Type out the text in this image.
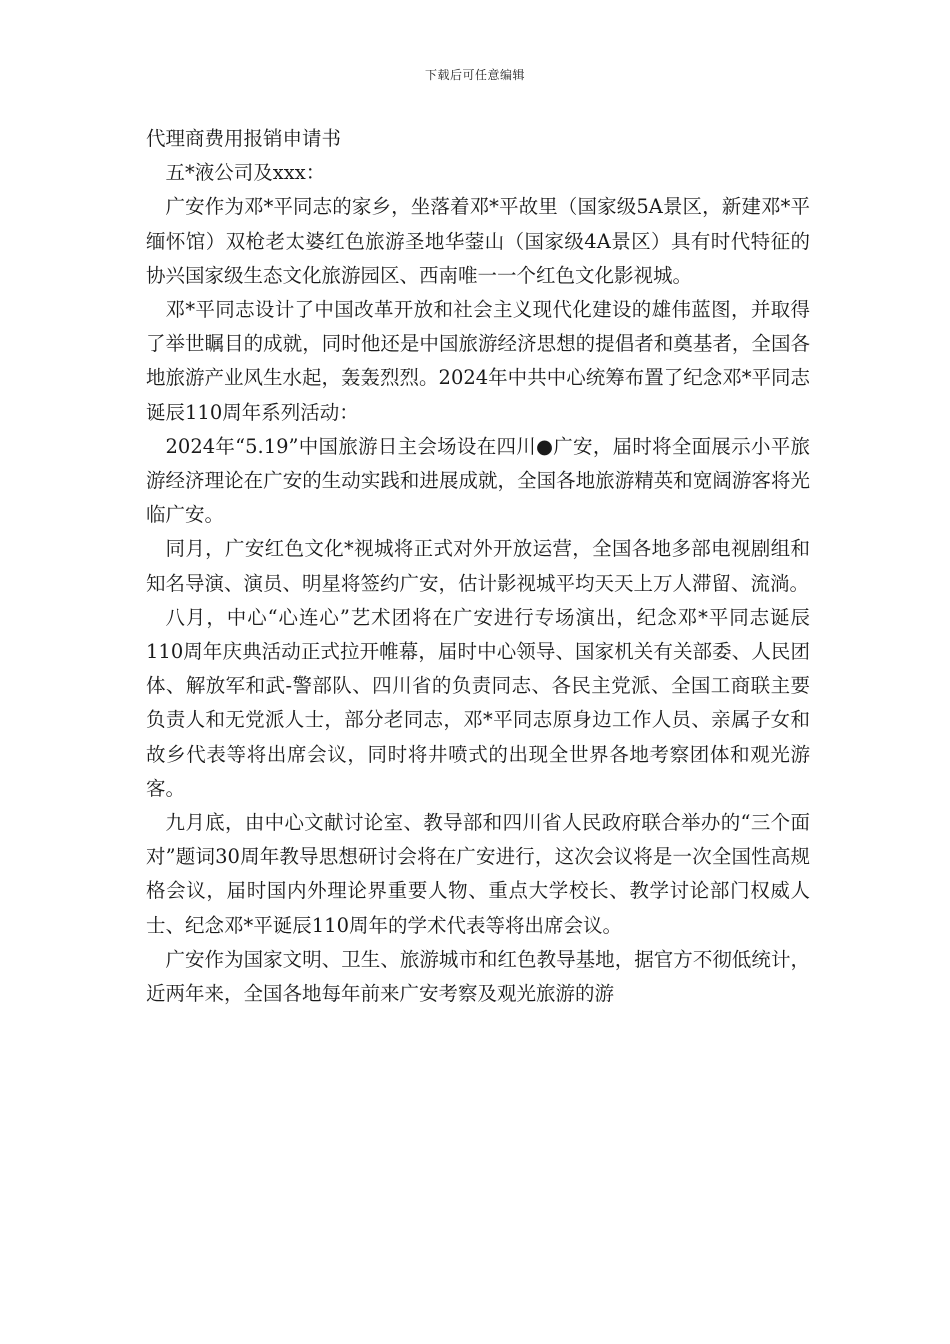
下载后可任意编辑

代理商费用报销申请书

五*液公司及xxx：

广安作为邓*平同志的家乡，坐落着邓*平故里（国家级5A景区，新建邓*平缅怀馆）双枪老太婆红色旅游圣地华蓥山（国家级4A景区）具有时代特征的协兴国家级生态文化旅游园区、西南唯一一个红色文化影视城。

邓*平同志设计了中国改革开放和社会主义现代化建设的雄伟蓝图，并取得了举世瞩目的成就，同时他还是中国旅游经济思想的提倡者和奠基者，全国各地旅游产业风生水起，轰轰烈烈。2024年中共中心统筹布置了纪念邓*平同志诞辰110周年系列活动：

2024年“5.19”中国旅游日主会场设在四川●广安，届时将全面展示小平旅游经济理论在广安的生动实践和进展成就，全国各地旅游精英和宽阔游客将光临广安。

同月，广安红色文化*视城将正式对外开放运营，全国各地多部电视剧组和知名导演、演员、明星将签约广安，估计影视城平均天天上万人滞留、流淌。

八月，中心“心连心”艺术团将在广安进行专场演出，纪念邓*平同志诞辰110周年庆典活动正式拉开帷幕，届时中心领导、国家机关有关部委、人民团体、解放军和武-警部队、四川省的负责同志、各民主党派、全国工商联主要负责人和无党派人士，部分老同志，邓*平同志原身边工作人员、亲属子女和故乡代表等将出席会议，同时将井喷式的出现全世界各地考察团体和观光游客。

九月底，由中心文献讨论室、教导部和四川省人民政府联合举办的“三个面对”题词30周年教导思想研讨会将在广安进行，这次会议将是一次全国性高规格会议，届时国内外理论界重要人物、重点大学校长、教学讨论部门权威人士、纪念邓*平诞辰110周年的学术代表等将出席会议。

广安作为国家文明、卫生、旅游城市和红色教导基地，据官方不彻低统计，近两年来，全国各地每年前来广安考察及观光旅游的游
